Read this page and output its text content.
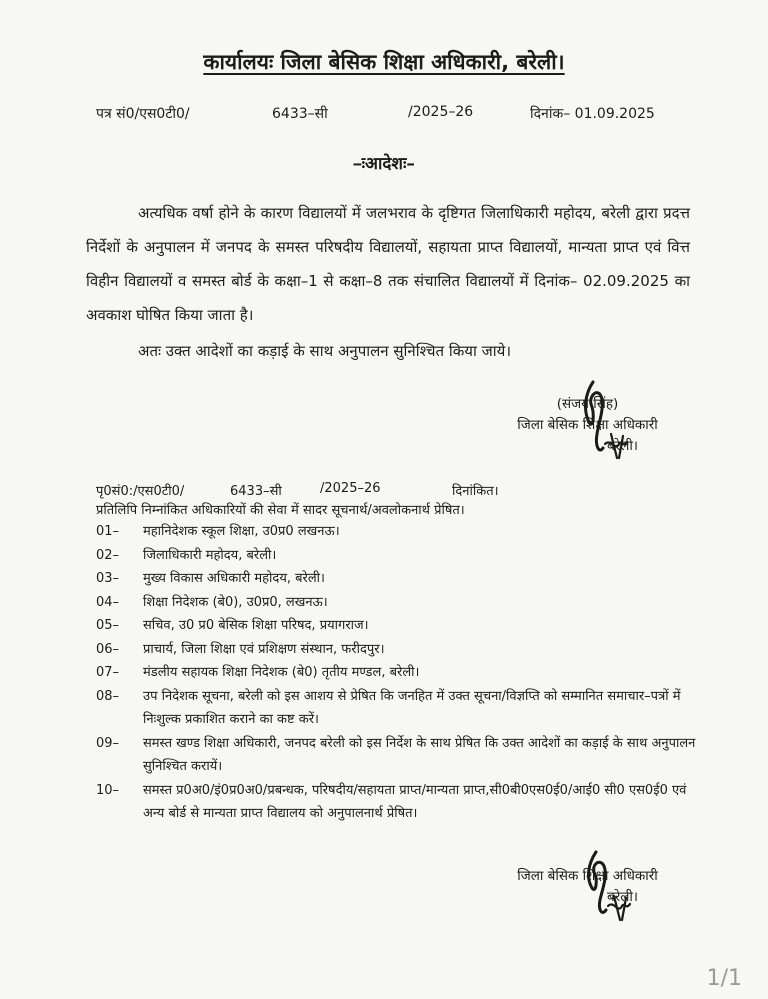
कार्यालयः जिला बेसिक शिक्षा अधिकारी, बरेली।
पत्र सं0/एस0टी0/	6433–सी	/2025–26	दिनांक– 01.09.2025
–ःआदेशः–
अत्यधिक वर्षा होने के कारण विद्यालयों में जलभराव के दृष्टिगत जिलाधिकारी महोदय, बरेली द्वारा प्रदत्त निर्देशों के अनुपालन में जनपद के समस्त परिषदीय विद्यालयों, सहायता प्राप्त विद्यालयों, मान्यता प्राप्त एवं वित्त विहीन विद्यालयों व समस्त बोर्ड के कक्षा–1 से कक्षा–8 तक संचालित विद्यालयों में दिनांक– 02.09.2025 का अवकाश घोषित किया जाता है।
अतः उक्त आदेशों का कड़ाई के साथ अनुपालन सुनिश्चित किया जाये।
(संजय सिंह)
जिला बेसिक शिक्षा अधिकारी
बरेली।
पृ0सं0:/एस0टी0/	6433–सी	/2025–26	दिनांकित।
प्रतिलिपि निम्नांकित अधिकारियों की सेवा में सादर सूचनार्थ/अवलोकनार्थ प्रेषित।
01– महानिदेशक स्कूल शिक्षा, उ0प्र0 लखनऊ।
02– जिलाधिकारी महोदय, बरेली।
03– मुख्य विकास अधिकारी महोदय, बरेली।
04– शिक्षा निदेशक (बे0), उ0प्र0, लखनऊ।
05– सचिव, उ0 प्र0 बेसिक शिक्षा परिषद, प्रयागराज।
06– प्राचार्य, जिला शिक्षा एवं प्रशिक्षण संस्थान, फरीदपुर।
07– मंडलीय सहायक शिक्षा निदेशक (बे0) तृतीय मण्डल, बरेली।
08– उप निदेशक सूचना, बरेली को इस आशय से प्रेषित कि जनहित में उक्त सूचना/विज्ञप्ति को सम्मानित समाचार–पत्रों में निःशुल्क प्रकाशित कराने का कष्ट करें।
09– समस्त खण्ड शिक्षा अधिकारी, जनपद बरेली को इस निर्देश के साथ प्रेषित कि उक्त आदेशों का कड़ाई के साथ अनुपालन सुनिश्चित करायें।
10– समस्त प्र0अ0/इं0प्र0अ0/प्रबन्धक, परिषदीय/सहायता प्राप्त/मान्यता प्राप्त,सी0बी0एस0ई0/आई0 सी0 एस0ई0 एवं अन्य बोर्ड से मान्यता प्राप्त विद्यालय को अनुपालनार्थ प्रेषित।
जिला बेसिक शिक्षा अधिकारी
बरेली।
1/1
